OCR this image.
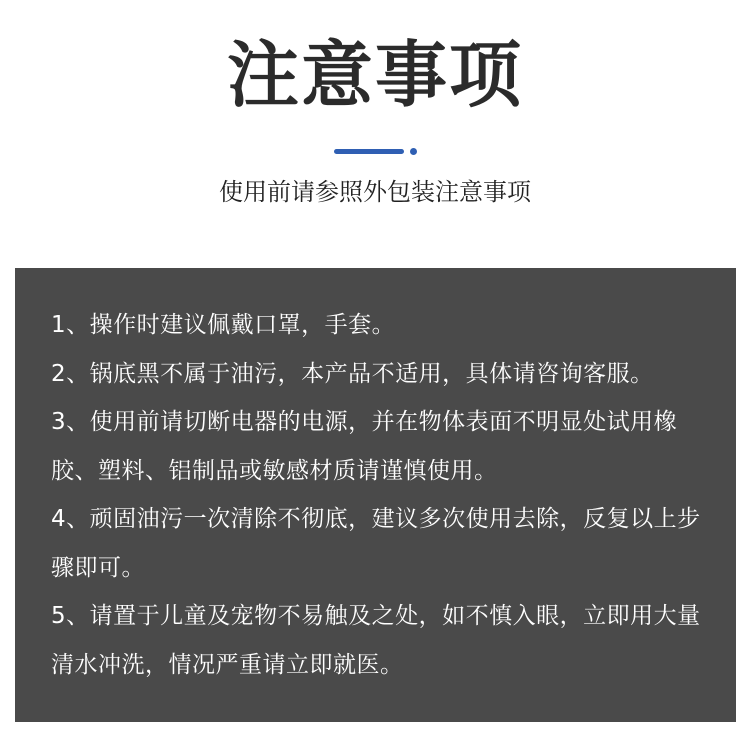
注意事项
使用前请参照外包装注意事项
1、操作时建议佩戴口罩，手套。
2、锅底黑不属于油污，本产品不适用，具体请咨询客服。
3、使用前请切断电器的电源，并在物体表面不明显处试用橡胶、塑料、铝制品或敏感材质请谨慎使用。
4、顽固油污一次清除不彻底，建议多次使用去除，反复以上步骤即可。
5、请置于儿童及宠物不易触及之处，如不慎入眼，立即用大量清水冲洗，情况严重请立即就医。
